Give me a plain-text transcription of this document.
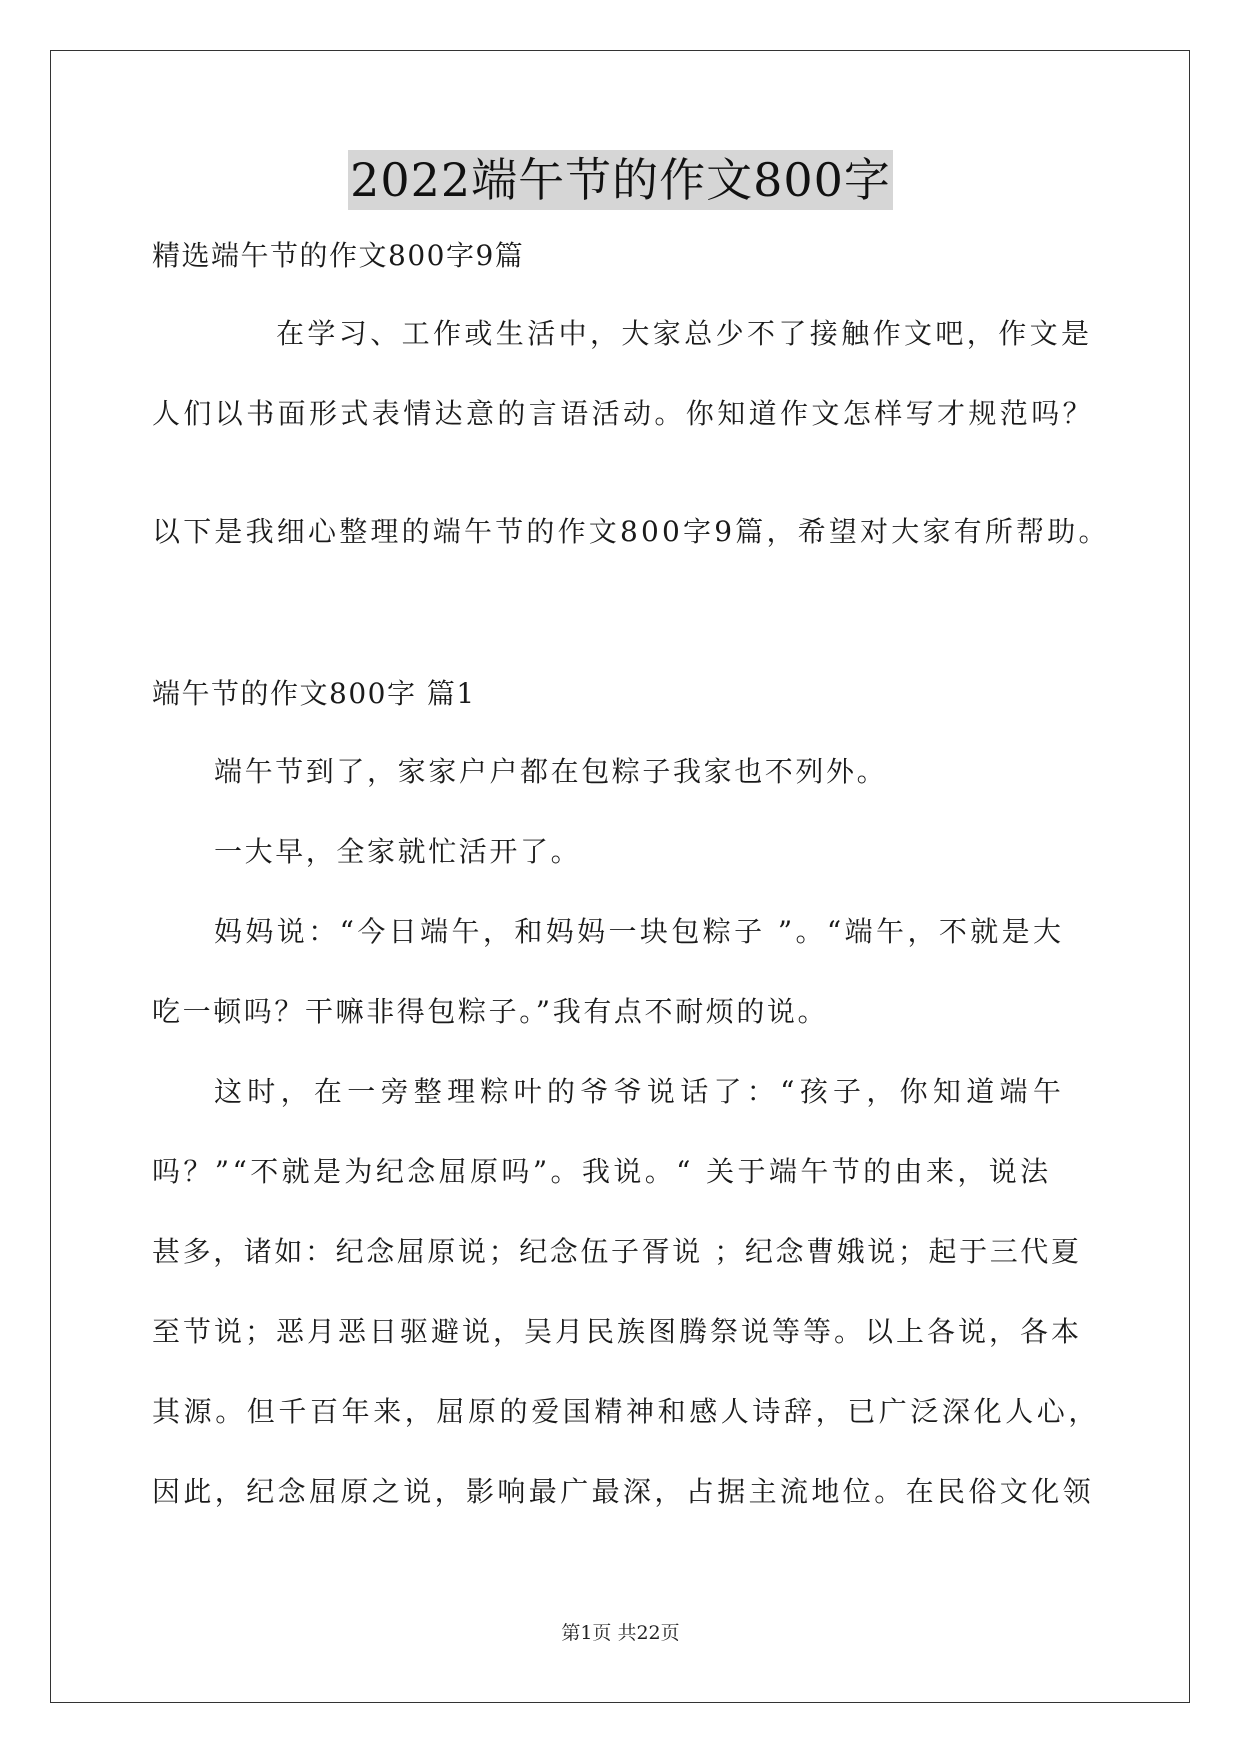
2022端午节的作文800字
精选端午节的作文800字9篇
在学习、工作或生活中，大家总少不了接触作文吧，作文是
人们以书面形式表情达意的言语活动。你知道作文怎样写才规范吗？
以下是我细心整理的端午节的作文800字9篇，希望对大家有所帮助。
端午节的作文800字 篇1
端午节到了，家家户户都在包粽子我家也不列外。
一大早，全家就忙活开了。
妈妈说：“今日端午，和妈妈一块包粽子 ”。“端午，不就是大
吃一顿吗？干嘛非得包粽子。”我有点不耐烦的说。
这时，在一旁整理粽叶的爷爷说话了：“孩子，你知道端午
吗？”“不就是为纪念屈原吗”。我说。“ 关于端午节的由来，说法
甚多，诸如：纪念屈原说；纪念伍子胥说 ；纪念曹娥说；起于三代夏
至节说；恶月恶日驱避说，吴月民族图腾祭说等等。以上各说，各本
其源。但千百年来，屈原的爱国精神和感人诗辞，已广泛深化人心，
因此，纪念屈原之说，影响最广最深，占据主流地位。在民俗文化领
第1页 共22页
